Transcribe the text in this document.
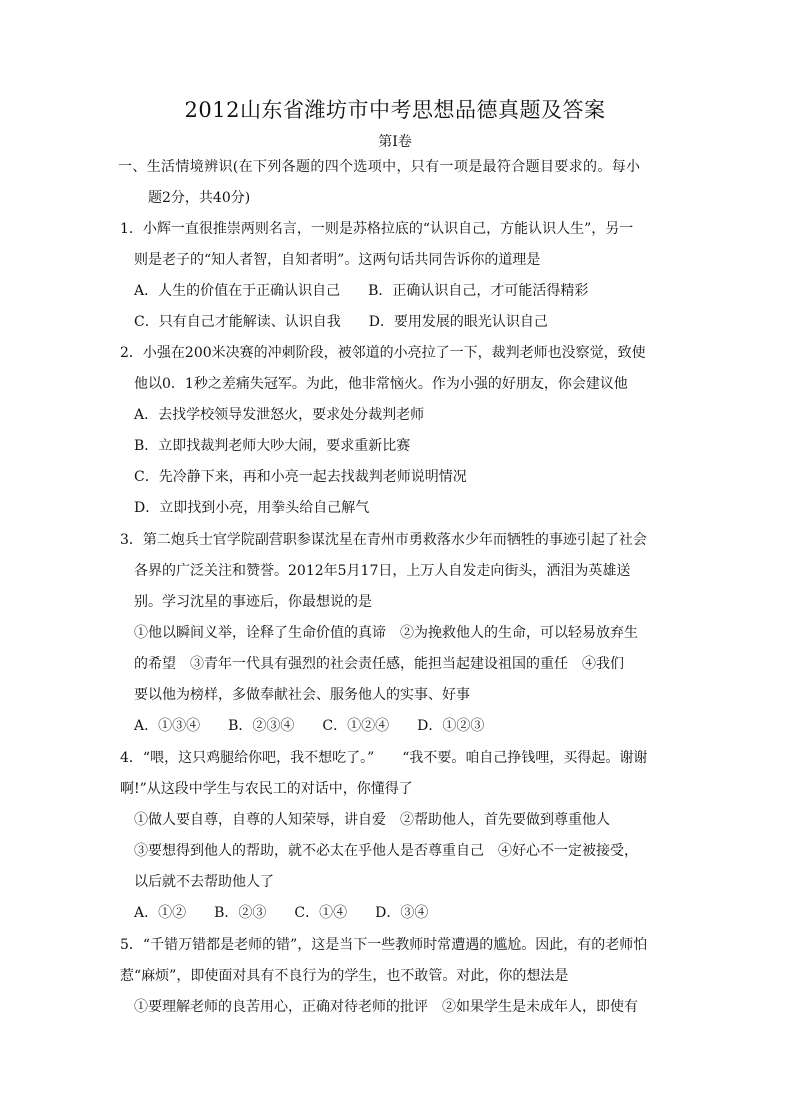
2012山东省潍坊市中考思想品德真题及答案
第Ⅰ卷
一、生活情境辨识(在下列各题的四个选项中，只有一项是最符合题目要求的。每小
题2分，共40分)
1．小辉一直很推崇两则名言，一则是苏格拉底的“认识自己，方能认识人生”，另一
则是老子的“知人者智，自知者明”。这两句话共同告诉你的道理是
A．人生的价值在于正确认识自己　　B．正确认识自己，才可能活得精彩
C．只有自己才能解读、认识自我　　D．要用发展的眼光认识自己
2．小强在200米决赛的冲刺阶段，被邻道的小亮拉了一下，裁判老师也没察觉，致使
他以0．1秒之差痛失冠军。为此，他非常恼火。作为小强的好朋友，你会建议他
A．去找学校领导发泄怒火，要求处分裁判老师
B．立即找裁判老师大吵大闹，要求重新比赛
C．先冷静下来，再和小亮一起去找裁判老师说明情况
D．立即找到小亮，用拳头给自己解气
3．第二炮兵士官学院副营职参谋沈星在青州市勇救落水少年而牺牲的事迹引起了社会
各界的广泛关注和赞誉。2012年5月17日，上万人自发走向街头，洒泪为英雄送
别。学习沈星的事迹后，你最想说的是
①他以瞬间义举，诠释了生命价值的真谛　②为挽救他人的生命，可以轻易放弃生
的希望　③青年一代具有强烈的社会责任感，能担当起建设祖国的重任　④我们
要以他为榜样，多做奉献社会、服务他人的实事、好事
A．①③④　　B．②③④　　C．①②④　　D．①②③
4．“喂，这只鸡腿给你吧，我不想吃了。”　　“我不要。咱自己挣钱哩，买得起。谢谢
啊!”从这段中学生与农民工的对话中，你懂得了
①做人要自尊，自尊的人知荣辱，讲自爱　②帮助他人，首先要做到尊重他人
③要想得到他人的帮助，就不必太在乎他人是否尊重自己　④好心不一定被接受，
以后就不去帮助他人了
A．①②　　B．②③　　C．①④　　D．③④
5．“千错万错都是老师的错”，这是当下一些教师时常遭遇的尴尬。因此，有的老师怕
惹“麻烦”，即使面对具有不良行为的学生，也不敢管。对此，你的想法是
①要理解老师的良苦用心，正确对待老师的批评　②如果学生是未成年人，即使有
